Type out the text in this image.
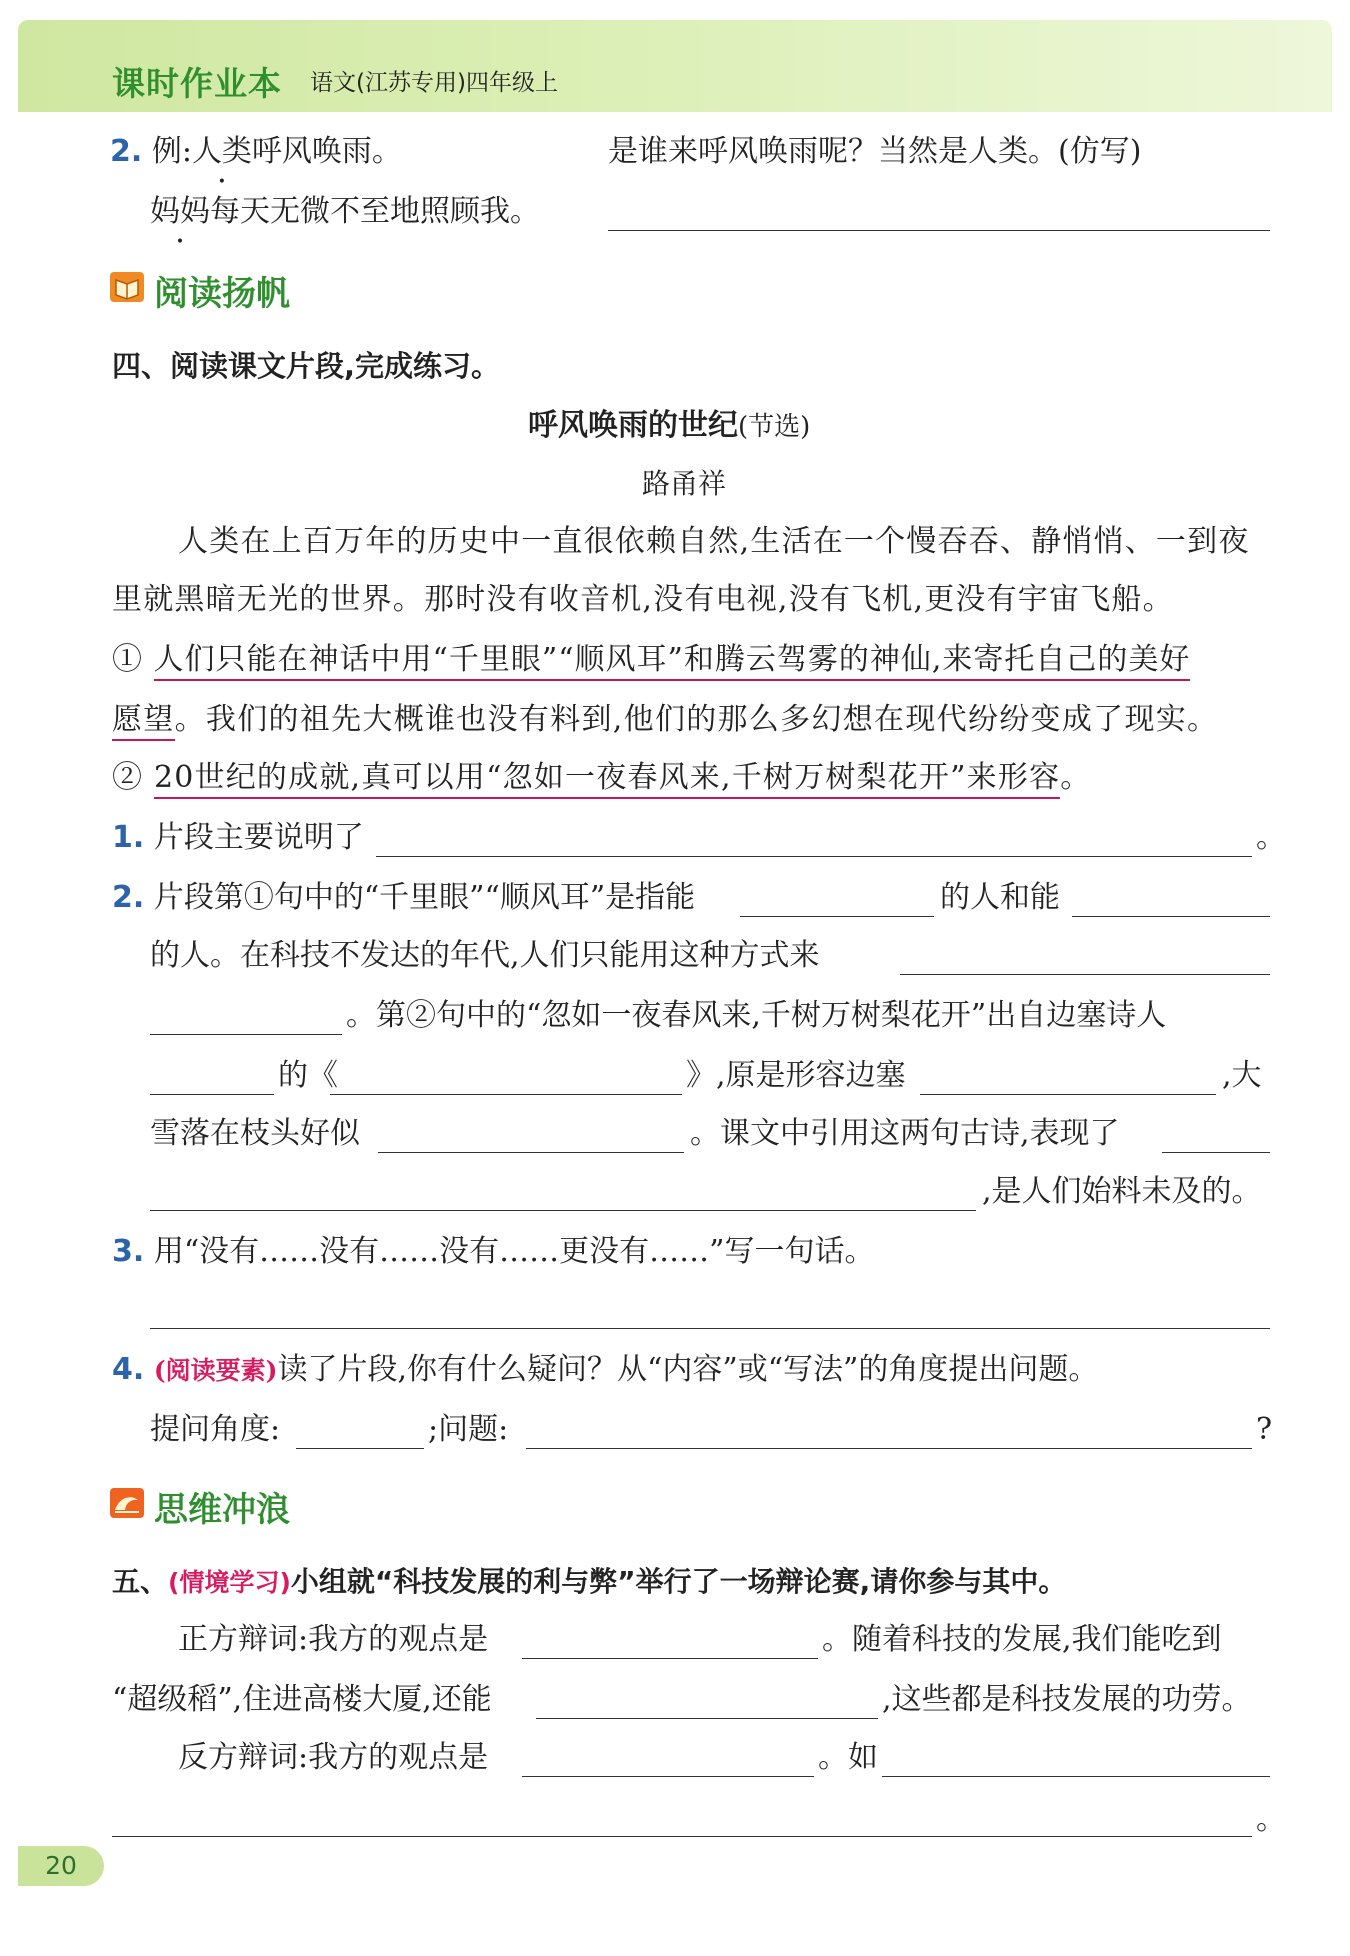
课时作业本 语文(江苏专用)四年级上
2. 例:人类呼风唤雨。	是谁来呼风唤雨呢？当然是人类。(仿写)
妈妈每天无微不至地照顾我。
阅读扬帆
四、阅读课文片段,完成练习。
呼风唤雨的世纪(节选)
路甬祥
人类在上百万年的历史中一直很依赖自然,生活在一个慢吞吞、静悄悄、一到夜
里就黑暗无光的世界。那时没有收音机,没有电视,没有飞机,更没有宇宙飞船。
① 人们只能在神话中用“千里眼”“顺风耳”和腾云驾雾的神仙,来寄托自己的美好
愿望。我们的祖先大概谁也没有料到,他们的那么多幻想在现代纷纷变成了现实。
② 20世纪的成就,真可以用“忽如一夜春风来,千树万树梨花开”来形容。
1. 片段主要说明了	。
2. 片段第①句中的“千里眼”“顺风耳”是指能	的人和能
的人。在科技不发达的年代,人们只能用这种方式来
。第②句中的“忽如一夜春风来,千树万树梨花开”出自边塞诗人
的《	》,原是形容边塞	,大
雪落在枝头好似	。课文中引用这两句古诗,表现了
,是人们始料未及的。
3. 用“没有……没有……没有……更没有……”写一句话。
4. (阅读要素)读了片段,你有什么疑问？从“内容”或“写法”的角度提出问题。
提问角度:	;问题:	?
思维冲浪
五、(情境学习)小组就“科技发展的利与弊”举行了一场辩论赛,请你参与其中。
正方辩词:我方的观点是	。随着科技的发展,我们能吃到
“超级稻”,住进高楼大厦,还能	,这些都是科技发展的功劳。
反方辩词:我方的观点是	。如
。
20
